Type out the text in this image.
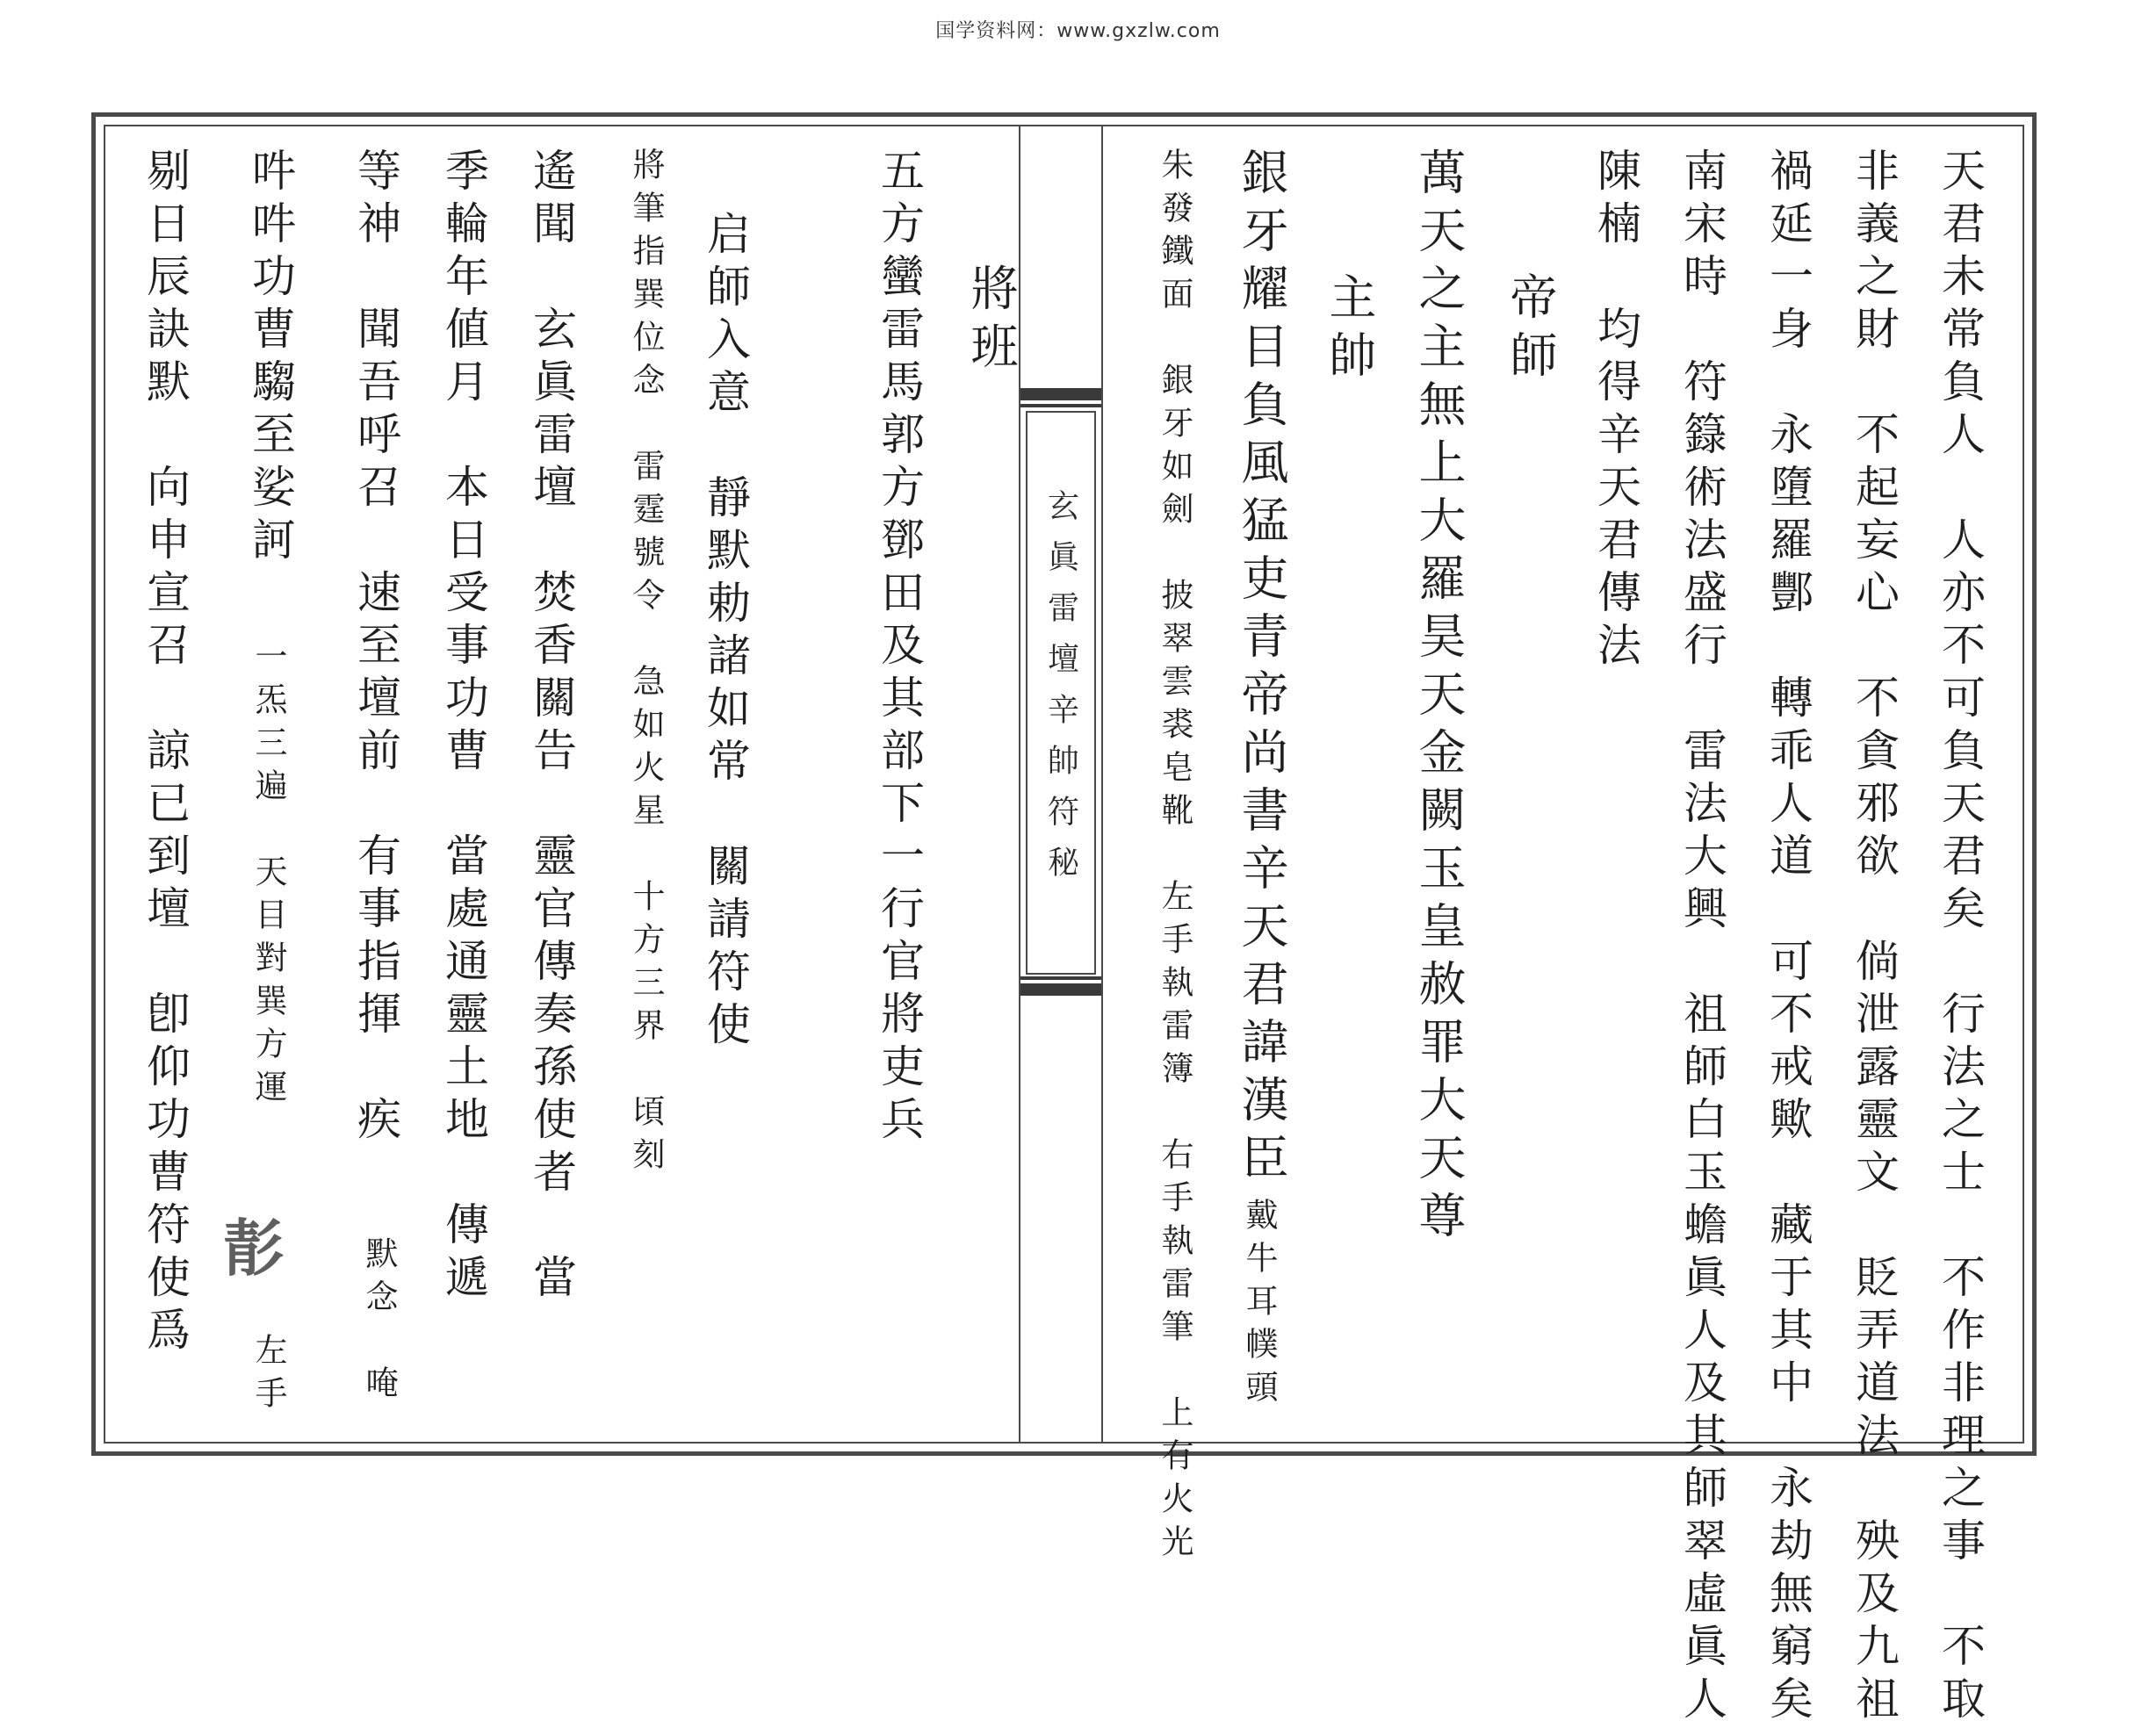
国学资料网：www.gxzlw.com
玄眞雷壇辛帥符秘	天君未常負人　人亦不可負天君矣　行法之士　不作非理之事　不取
非義之財　不起妄心　不貪邪欲　倘泄露靈文　貶弄道法　殃及九祖
禍延一身　永墮羅酆　轉乖人道　可不戒歟　藏于其中　永劫無窮矣
南宋時　符籙術法盛行　雷法大興　祖師白玉蟾眞人及其師翠虛眞人
陳楠　均得辛天君傳法
帝師
萬天之主無上大羅昊天金闕玉皇赦罪大天尊
主帥
銀牙耀目負風猛吏青帝尚書辛天君諱漢臣　
戴牛耳幞頭
朱發鐵面　銀牙如劍　披翠雲裘皂靴　左手執雷簿　右手執雷筆　上有火光
將班
五方蠻雷馬郭方鄧田及其部下一行官將吏兵
启師入意　靜默勅諸如常　關請符使
將筆指巽位念　雷霆號令　急如火星　十方三界　頃刻
遙聞　玄眞雷壇　焚香關告　靈官傳奏孫使者　當
季輪年値月　本日受事功曹　當處通靈土地　傳遞
等神　聞吾呼召　速至壇前　有事指揮　疾　
默念　唵
吽吽功曹騶至娑訶
一炁三遍　天目對巽方運
左手
𩇕
剔日辰訣默　向申宣召　諒已到壇　卽仰功曹符使爲
